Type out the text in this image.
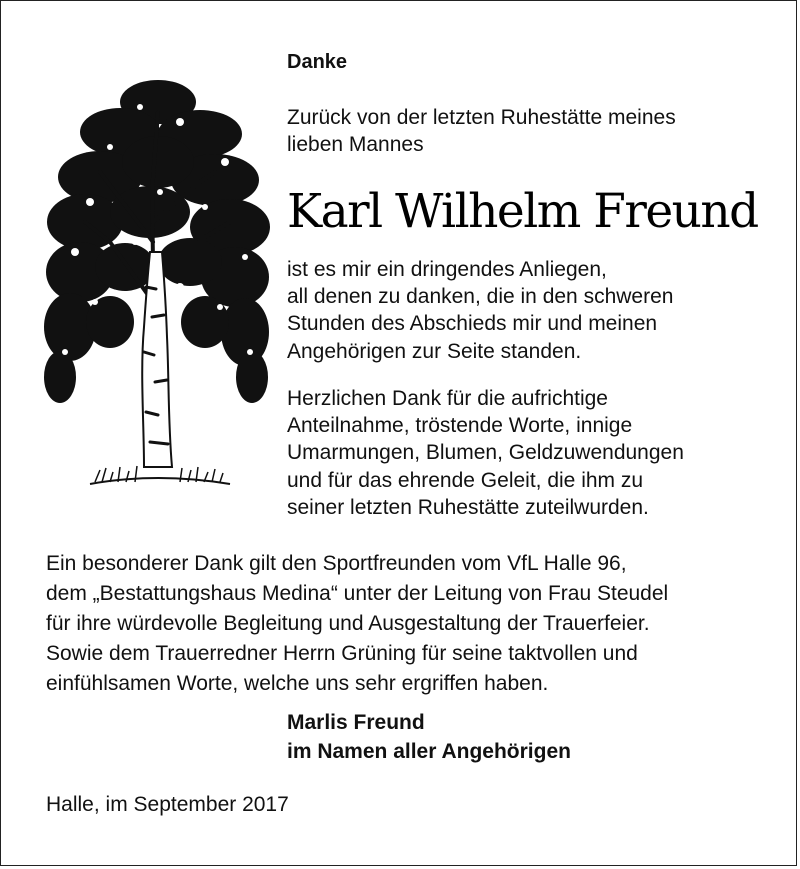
Danke

Zurück von der letzten Ruhestätte meines
lieben Mannes

Karl Wilhelm Freund

ist es mir ein dringendes Anliegen,
all denen zu danken, die in den schweren
Stunden des Abschieds mir und meinen
Angehörigen zur Seite standen.

Herzlichen Dank für die aufrichtige
Anteilnahme, tröstende Worte, innige
Umarmungen, Blumen, Geldzuwendungen
und für das ehrende Geleit, die ihm zu
seiner letzten Ruhestätte zuteilwurden.

Ein besonderer Dank gilt den Sportfreunden vom VfL Halle 96,
dem „Bestattungshaus Medina“ unter der Leitung von Frau Steudel
für ihre würdevolle Begleitung und Ausgestaltung der Trauerfeier.
Sowie dem Trauerredner Herrn Grüning für seine taktvollen und
einfühlsamen Worte, welche uns sehr ergriffen haben.

Marlis Freund
im Namen aller Angehörigen

Halle, im September 2017
